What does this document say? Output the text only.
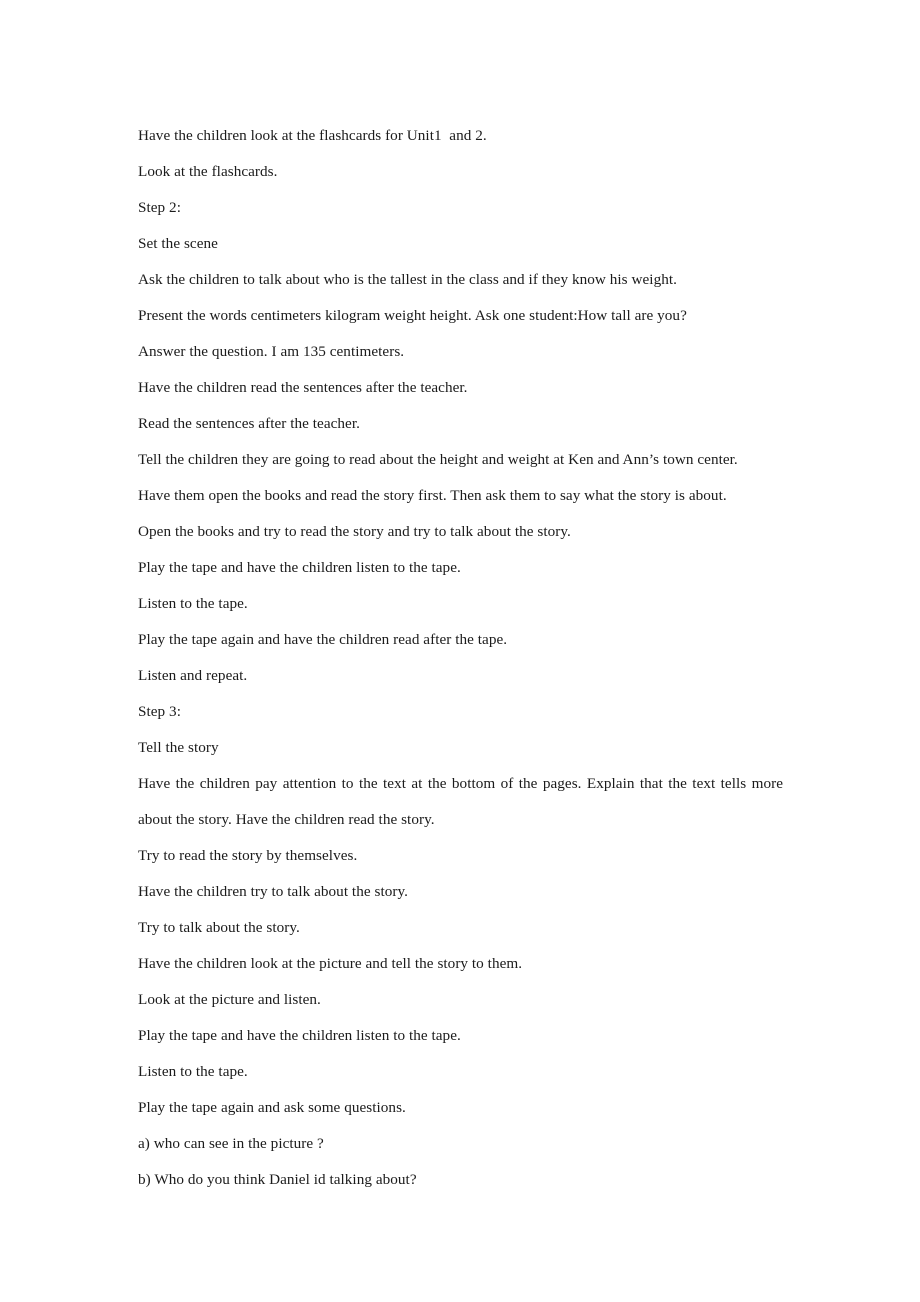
Have the children look at the flashcards for Unit1  and 2.

Look at the flashcards.

Step 2:

Set the scene

Ask the children to talk about who is the tallest in the class and if they know his weight.

Present the words centimeters kilogram weight height. Ask one student:How tall are you?

Answer the question. I am 135 centimeters.

Have the children read the sentences after the teacher.

Read the sentences after the teacher.

Tell the children they are going to read about the height and weight at Ken and Ann’s town center.

Have them open the books and read the story first. Then ask them to say what the story is about.

Open the books and try to read the story and try to talk about the story.

Play the tape and have the children listen to the tape.

Listen to the tape.

Play the tape again and have the children read after the tape.

Listen and repeat.

Step 3:

Tell the story

Have the children pay attention to the text at the bottom of the pages. Explain that the text tells more about the story. Have the children read the story.

Try to read the story by themselves.

Have the children try to talk about the story.

Try to talk about the story.

Have the children look at the picture and tell the story to them.

Look at the picture and listen.

Play the tape and have the children listen to the tape.

Listen to the tape.

Play the tape again and ask some questions.

a) who can see in the picture ?

b) Who do you think Daniel id talking about?
